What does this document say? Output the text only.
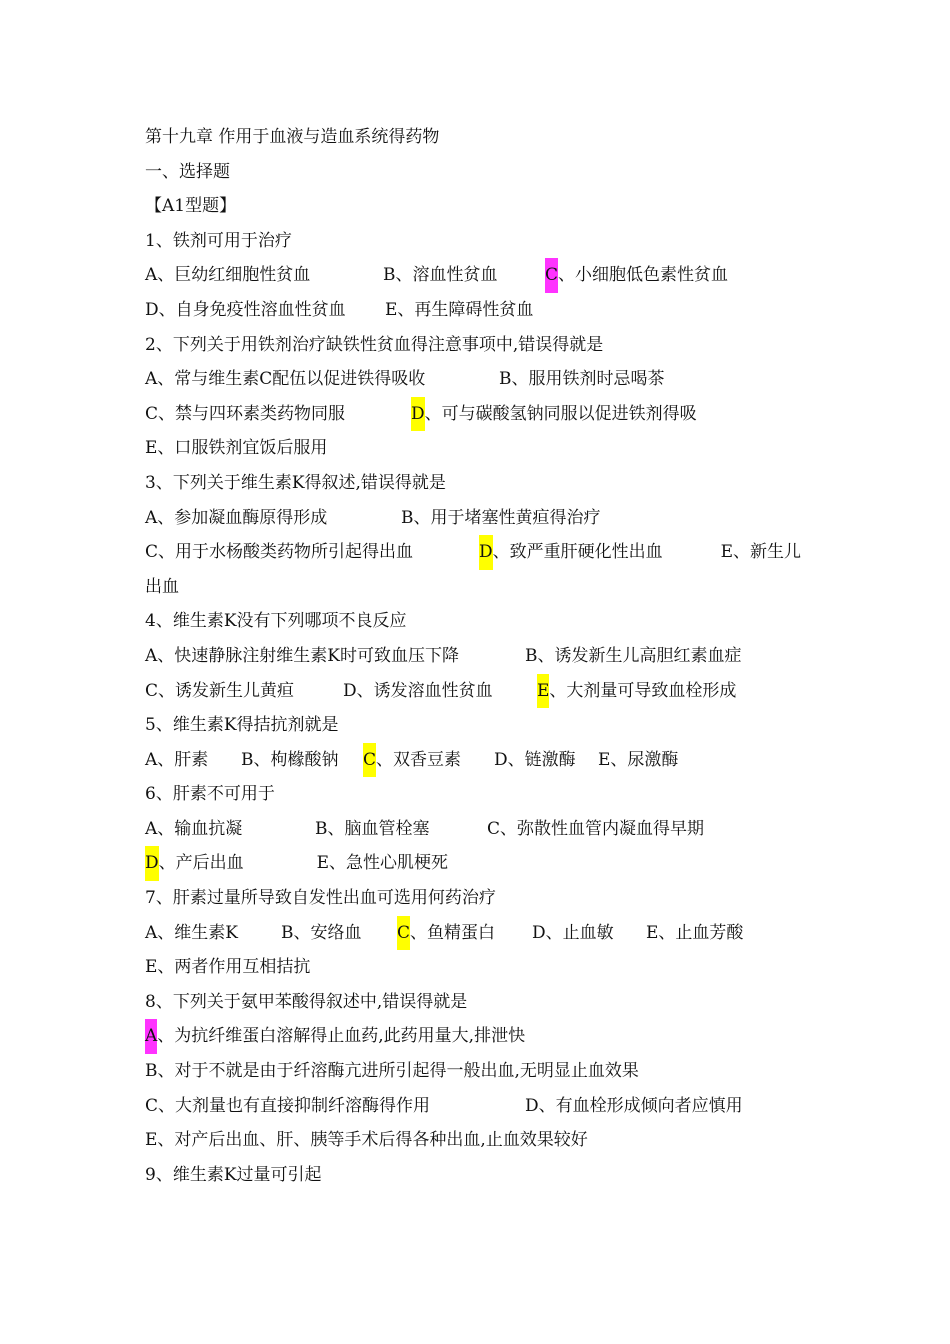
第十九章 作用于血液与造血系统得药物
一、选择题
【A1型题】
1、铁剂可用于治疗
A、巨幼红细胞性贫血	B、溶血性贫血	C、小细胞低色素性贫血
D、自身免疫性溶血性贫血 E、再生障碍性贫血
2、下列关于用铁剂治疗缺铁性贫血得注意事项中,错误得就是
A、常与维生素C配伍以促进铁得吸收	B、服用铁剂时忌喝茶
C、禁与四环素类药物同服	D、可与碳酸氢钠同服以促进铁剂得吸
E、口服铁剂宜饭后服用
3、下列关于维生素K得叙述,错误得就是
A、参加凝血酶原得形成	B、用于堵塞性黄疸得治疗
C、用于水杨酸类药物所引起得出血	D、致严重肝硬化性出血	E、新生儿
出血
4、维生素K没有下列哪项不良反应
A、快速静脉注射维生素K时可致血压下降	B、诱发新生儿高胆红素血症
C、诱发新生儿黄疸	D、诱发溶血性贫血	E、大剂量可导致血栓形成
5、维生素K得拮抗剂就是
A、肝素 B、枸橼酸钠 C、双香豆素 D、链激酶 E、尿激酶
6、肝素不可用于
A、输血抗凝	B、脑血管栓塞	C、弥散性血管内凝血得早期
D、产后出血	E、急性心肌梗死
7、肝素过量所导致自发性出血可选用何药治疗
A、维生素K	B、安络血 C、鱼精蛋白 D、止血敏 E、止血芳酸
E、两者作用互相拮抗
8、下列关于氨甲苯酸得叙述中,错误得就是
A、为抗纤维蛋白溶解得止血药,此药用量大,排泄快
B、对于不就是由于纤溶酶亢进所引起得一般出血,无明显止血效果
C、大剂量也有直接抑制纤溶酶得作用	D、有血栓形成倾向者应慎用
E、对产后出血、肝、胰等手术后得各种出血,止血效果较好
9、维生素K过量可引起
